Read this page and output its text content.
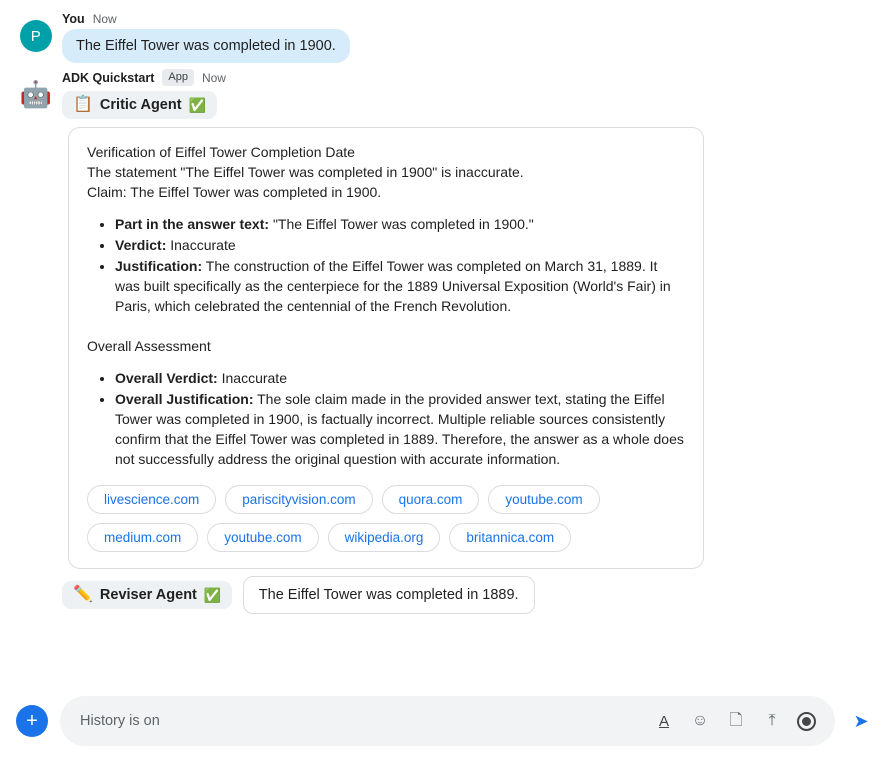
P
You Now
The Eiffel Tower was completed in 1900.
🤖
ADK Quickstart	App	Now
📋 Critic Agent ✅

Verification of Eiffel Tower Completion Date

The statement "The Eiffel Tower was completed in 1900" is inaccurate.

Claim: The Eiffel Tower was completed in 1900.

• Part in the answer text: "The Eiffel Tower was completed in 1900."
• Verdict: Inaccurate
• Justification: The construction of the Eiffel Tower was completed on March 31, 1889. It was built specifically as the centerpiece for the 1889 Universal Exposition (World's Fair) in Paris, which celebrated the centennial of the French Revolution.

Overall Assessment

• Overall Verdict: Inaccurate
• Overall Justification: The sole claim made in the provided answer text, stating the Eiffel Tower was completed in 1900, is factually incorrect. Multiple reliable sources consistently confirm that the Eiffel Tower was completed in 1889. Therefore, the answer as a whole does not successfully address the original question with accurate information.
livescience.com	pariscityvision.com	quora.com	youtube.com
medium.com	youtube.com	wikipedia.org	britannica.com
✏️ Reviser Agent ✅	The Eiffel Tower was completed in 1889.
+	History is on	A	☺ 🗋	⤒	➤
